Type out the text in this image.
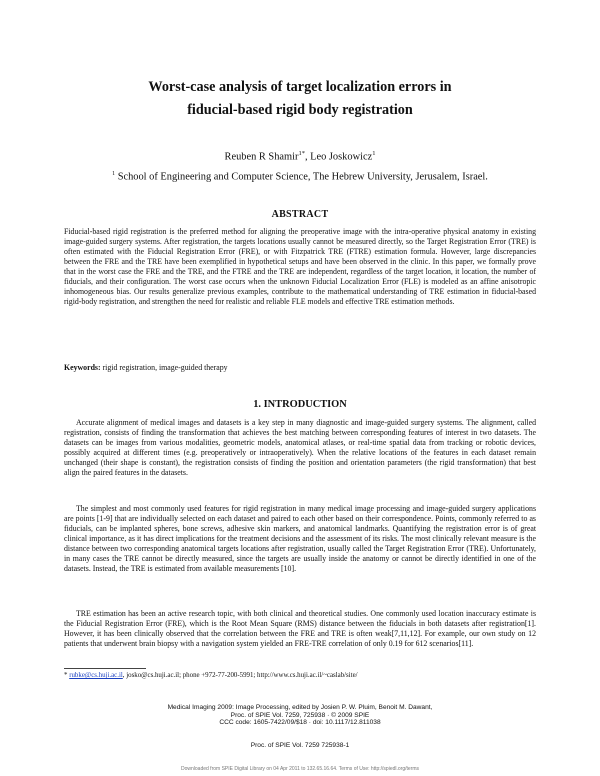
Worst-case analysis of target localization errors in
fiducial-based rigid body registration
Reuben R Shamir$^{1*}$, Leo Joskowicz$^1$
$^1$ School of Engineering and Computer Science, The Hebrew University, Jerusalem, Israel.
ABSTRACT
Fiducial-based rigid registration is the preferred method for aligning the preoperative image with the intra-operative physical anatomy in existing image-guided surgery systems. After registration, the targets locations usually cannot be measured directly, so the Target Registration Error (TRE) is often estimated with the Fiducial Registration Error (FRE), or with Fitzpatrick TRE (FTRE) estimation formula. However, large discrepancies between the FRE and the TRE have been exemplified in hypothetical setups and have been observed in the clinic. In this paper, we formally prove that in the worst case the FRE and the TRE, and the FTRE and the TRE are independent, regardless of the target location, it location, the number of fiducials, and their configuration. The worst case occurs when the unknown Fiducial Localization Error (FLE) is modeled as an affine anisotropic inhomogeneous bias. Our results generalize previous examples, contribute to the mathematical understanding of TRE estimation in fiducial-based rigid-body registration, and strengthen the need for realistic and reliable FLE models and effective TRE estimation methods.
Keywords: rigid registration, image-guided therapy
1. INTRODUCTION
Accurate alignment of medical images and datasets is a key step in many diagnostic and image-guided surgery systems. The alignment, called registration, consists of finding the transformation that achieves the best matching between corresponding features of interest in two datasets. The datasets can be images from various modalities, geometric models, anatomical atlases, or real-time spatial data from tracking or robotic devices, possibly acquired at different times (e.g. preoperatively or intraoperatively). When the relative locations of the features in each dataset remain unchanged (their shape is constant), the registration consists of finding the position and orientation parameters (the rigid transformation) that best align the paired features in the datasets.
The simplest and most commonly used features for rigid registration in many medical image processing and image-guided surgery applications are points [1-9] that are individually selected on each dataset and paired to each other based on their correspondence. Points, commonly referred to as fiducials, can be implanted spheres, bone screws, adhesive skin markers, and anatomical landmarks. Quantifying the registration error is of great clinical importance, as it has direct implications for the treatment decisions and the assessment of its risks. The most clinically relevant measure is the distance between two corresponding anatomical targets locations after registration, usually called the Target Registration Error (TRE). Unfortunately, in many cases the TRE cannot be directly measured, since the targets are usually inside the anatomy or cannot be directly identified in one of the datasets. Instead, the TRE is estimated from available measurements [10].
TRE estimation has been an active research topic, with both clinical and theoretical studies. One commonly used location inaccuracy estimate is the Fiducial Registration Error (FRE), which is the Root Mean Square (RMS) distance between the fiducials in both datasets after registration[1]. However, it has been clinically observed that the correlation between the FRE and TRE is often weak[7,11,12]. For example, our own study on 12 patients that underwent brain biopsy with a navigation system yielded an FRE-TRE correlation of only 0.19 for 612 scenarios[11].
* rubke@cs.huji.ac.il, josko@cs.huji.ac.il; phone +972-77-200-5991; http://www.cs.huji.ac.il/~caslab/site/
Medical Imaging 2009: Image Processing, edited by Josien P. W. Pluim, Benoit M. Dawant,
Proc. of SPIE Vol. 7259, 725938 · © 2009 SPIE
CCC code: 1605-7422/09/$18 · doi: 10.1117/12.811038
Proc. of SPIE Vol. 7259 725938-1
Downloaded from SPIE Digital Library on 04 Apr 2011 to 132.65.16.64. Terms of Use: http://spiedl.org/terms
